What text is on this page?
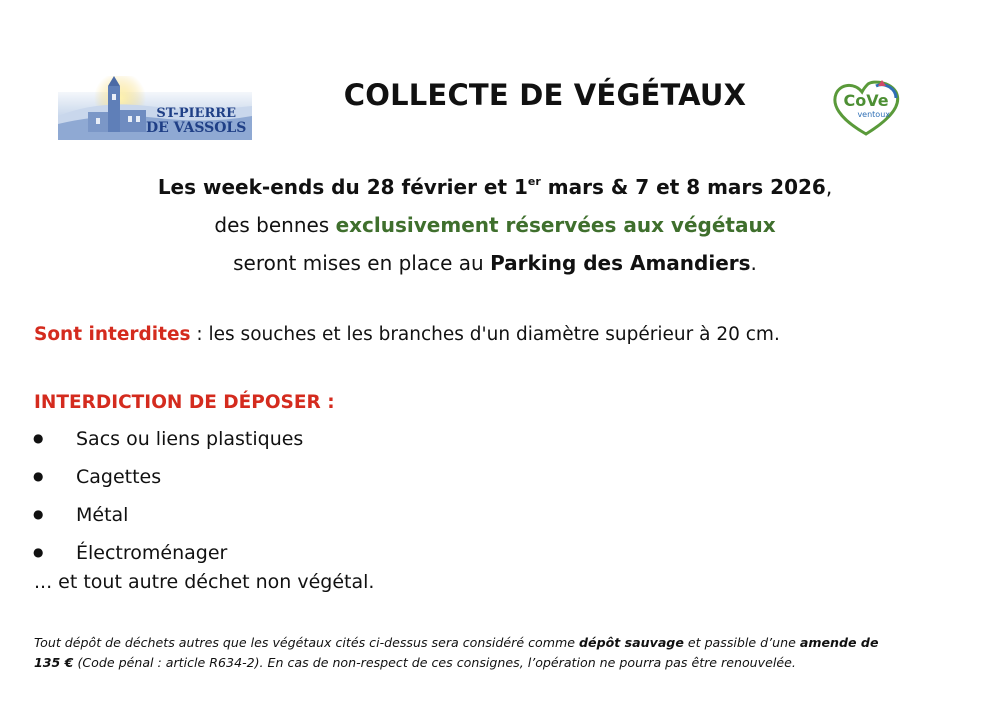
ST-PIERRE
DE VASSOLS
COLLECTE DE VÉGÉTAUX	CoVe
ventoux
Les week-ends du 28 février et 1er mars & 7 et 8 mars 2026,
des bennes exclusivement réservées aux végétaux
seront mises en place au Parking des Amandiers.
Sont interdites : les souches et les branches d'un diamètre supérieur à 20 cm.
INTERDICTION DE DÉPOSER :
● Sacs ou liens plastiques
● Cagettes
● Métal
● Électroménager
... et tout autre déchet non végétal.
Tout dépôt de déchets autres que les végétaux cités ci-dessus sera considéré comme dépôt sauvage et passible d’une amende de
135 € (Code pénal : article R634-2). En cas de non-respect de ces consignes, l’opération ne pourra pas être renouvelée.
